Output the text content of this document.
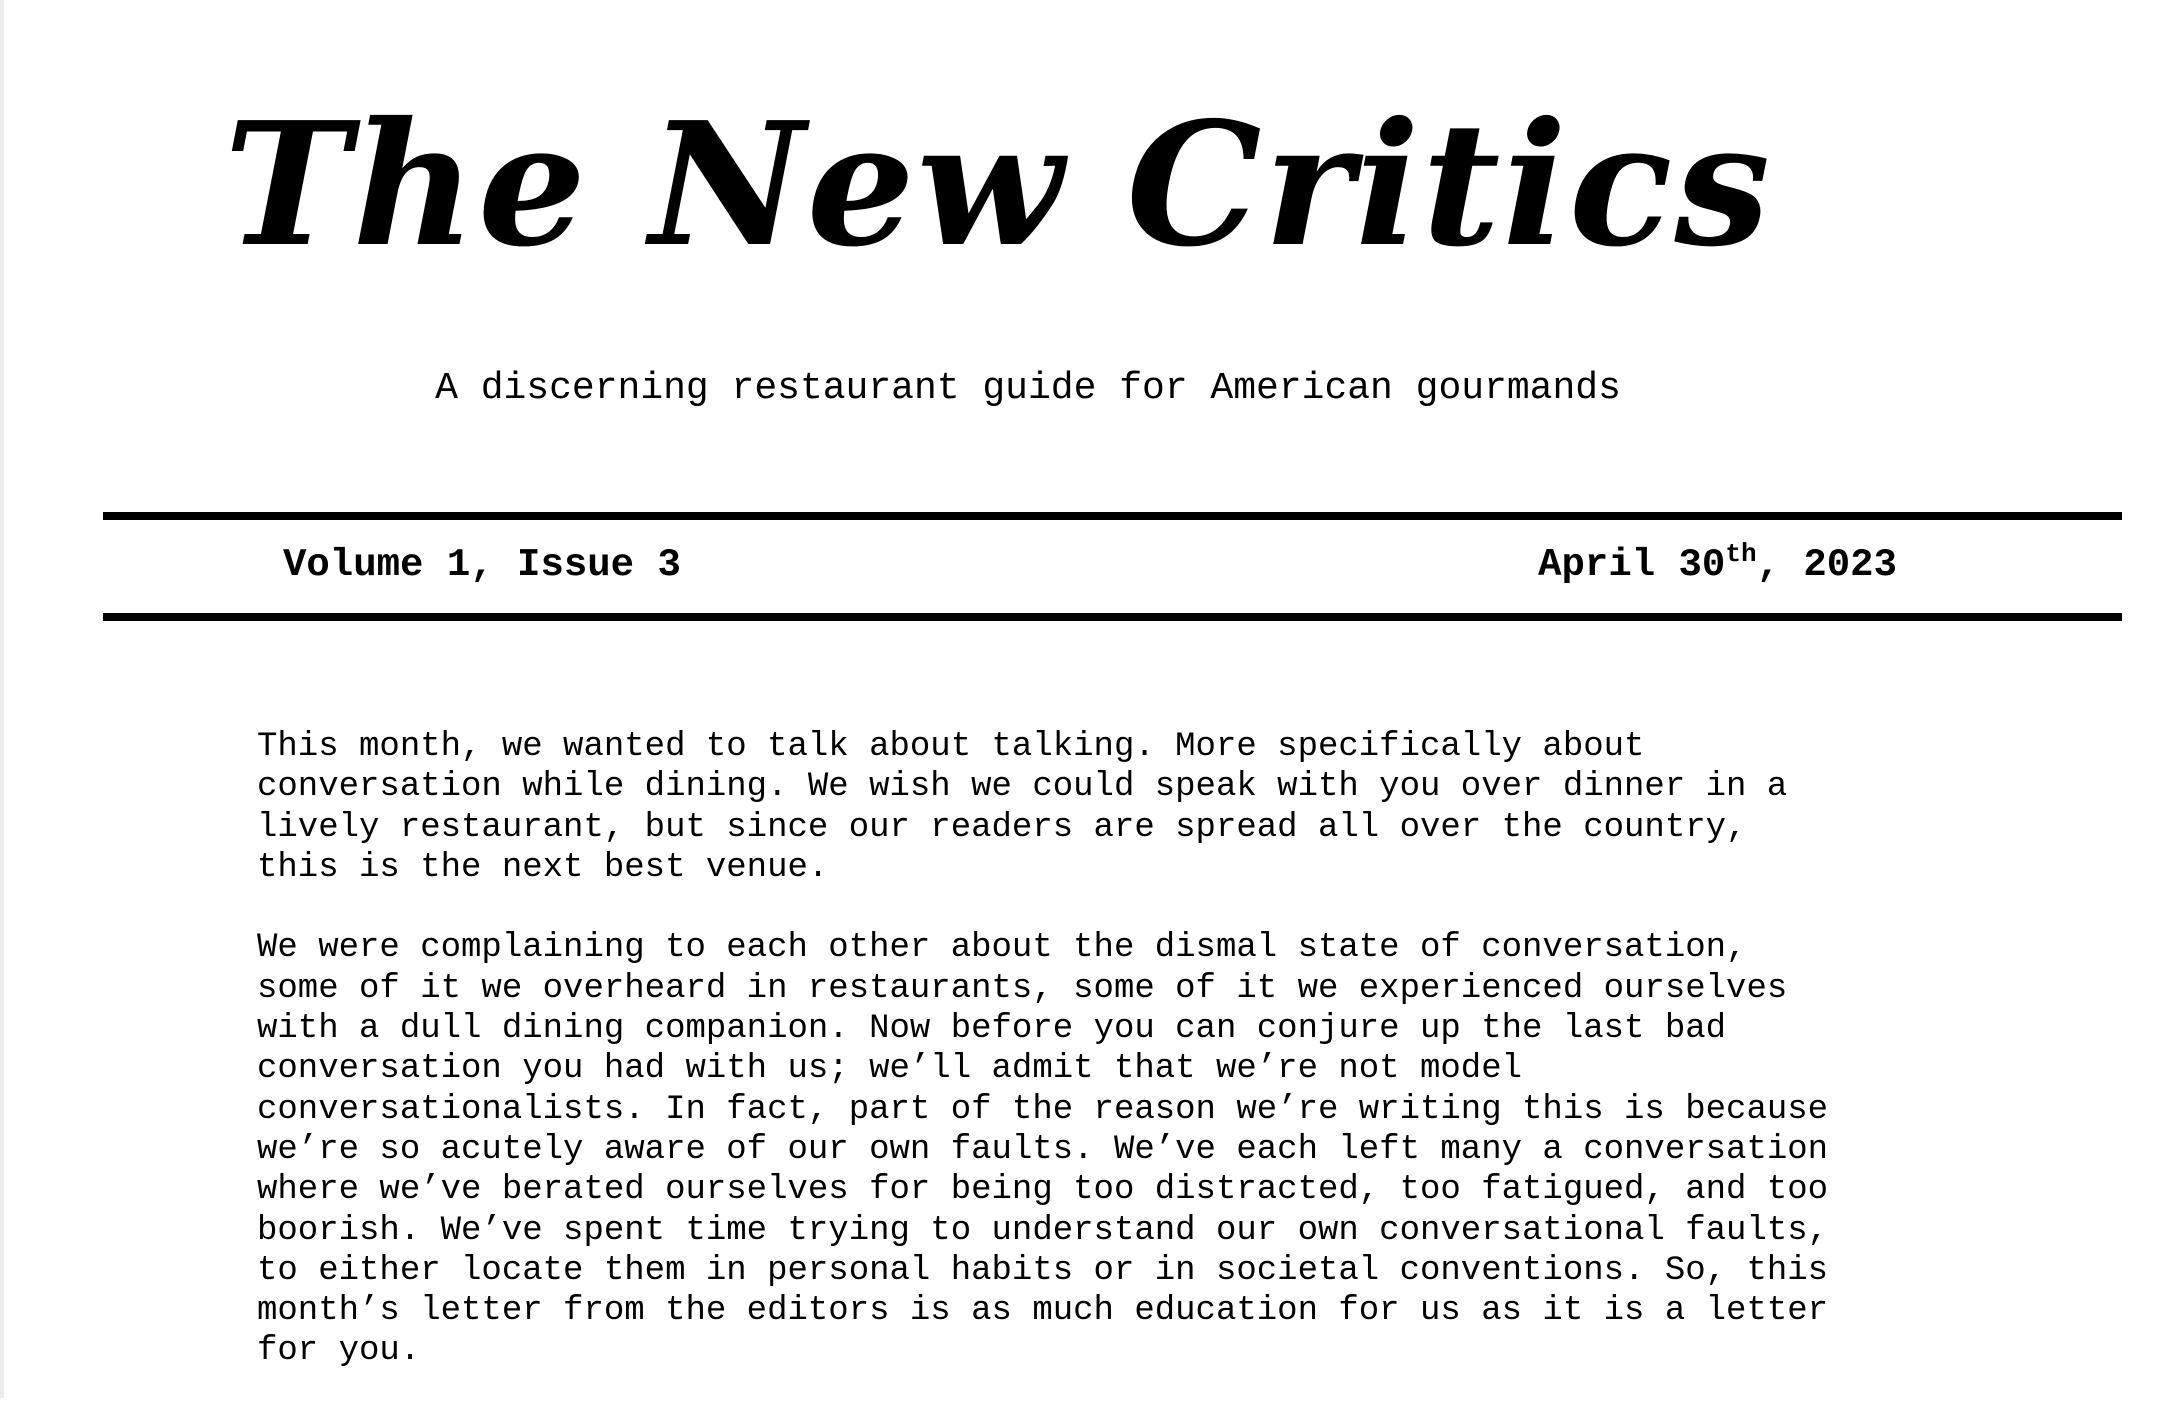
The New Critics
A discerning restaurant guide for American gourmands
Volume 1, Issue 3	April 30th, 2023

This month, we wanted to talk about talking. More specifically about
conversation while dining. We wish we could speak with you over dinner in a
lively restaurant, but since our readers are spread all over the country,
this is the next best venue.

We were complaining to each other about the dismal state of conversation,
some of it we overheard in restaurants, some of it we experienced ourselves
with a dull dining companion. Now before you can conjure up the last bad
conversation you had with us; we’ll admit that we’re not model
conversationalists. In fact, part of the reason we’re writing this is because
we’re so acutely aware of our own faults. We’ve each left many a conversation
where we’ve berated ourselves for being too distracted, too fatigued, and too
boorish. We’ve spent time trying to understand our own conversational faults,
to either locate them in personal habits or in societal conventions. So, this
month’s letter from the editors is as much education for us as it is a letter
for you.
